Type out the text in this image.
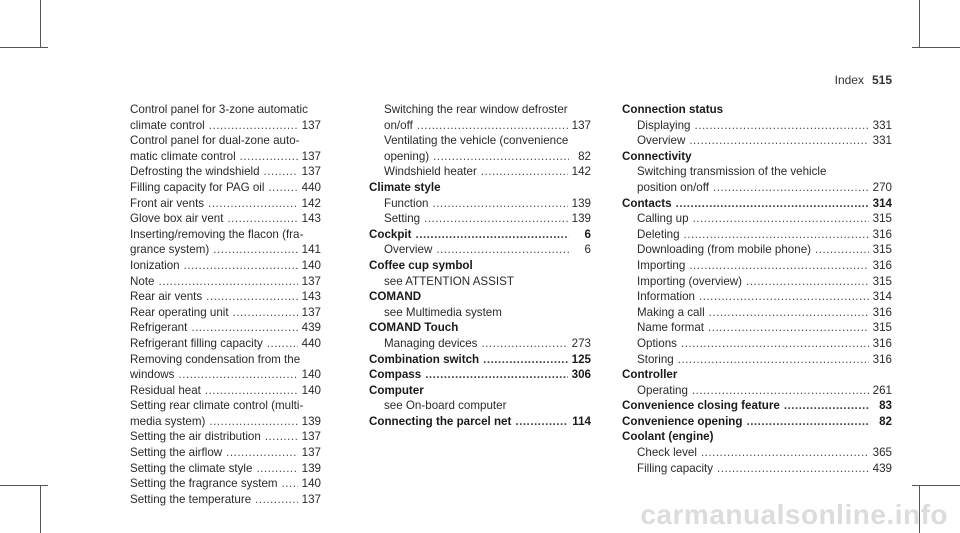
Index 515
Control panel for 3-zone automatic
climate control .....	137
Control panel for dual-zone auto-
matic climate control .....	137
Defrosting the windshield .....	137
Filling capacity for PAG oil .....	440
Front air vents .....	142
Glove box air vent .....	143
Inserting/removing the flacon (fra-
grance system) .....	141
Ionization .....	140
Note .....	137
Rear air vents .....	143
Rear operating unit .....	137
Refrigerant .....	439
Refrigerant filling capacity .....	440
Removing condensation from the
windows .....	140
Residual heat .....	140
Setting rear climate control (multi-
media system) .....	139
Setting the air distribution .....	137
Setting the airflow .....	137
Setting the climate style .....	139
Setting the fragrance system ..... 140
Setting the temperature .....	137
Switching the rear window defroster
on/off .....	137
Ventilating the vehicle (convenience
opening) .....	82
Windshield heater .....	142
Climate style
Function .....	139
Setting .....	139
Cockpit .....	6
Overview .....	6
Coffee cup symbol
see ATTENTION ASSIST
COMAND
see Multimedia system
COMAND Touch
Managing devices .....	273
Combination switch .....	125
Compass .....	306
Computer
see On-board computer
Connecting the parcel net .....	114
Connection status
Displaying .....	331
Overview .....	331
Connectivity
Switching transmission of the vehicle
position on/off .....	270
Contacts .....	314
Calling up .....	315
Deleting .....	316
Downloading (from mobile phone) .....	315
Importing .....	316
Importing (overview) .....	315
Information .....	314
Making a call .....	316
Name format .....	315
Options .....	316
Storing .....	316
Controller
Operating .....	261
Convenience closing feature .....	83
Convenience opening .....	82
Coolant (engine)
Check level .....	365
Filling capacity .....	439
carmanualsonline.info
